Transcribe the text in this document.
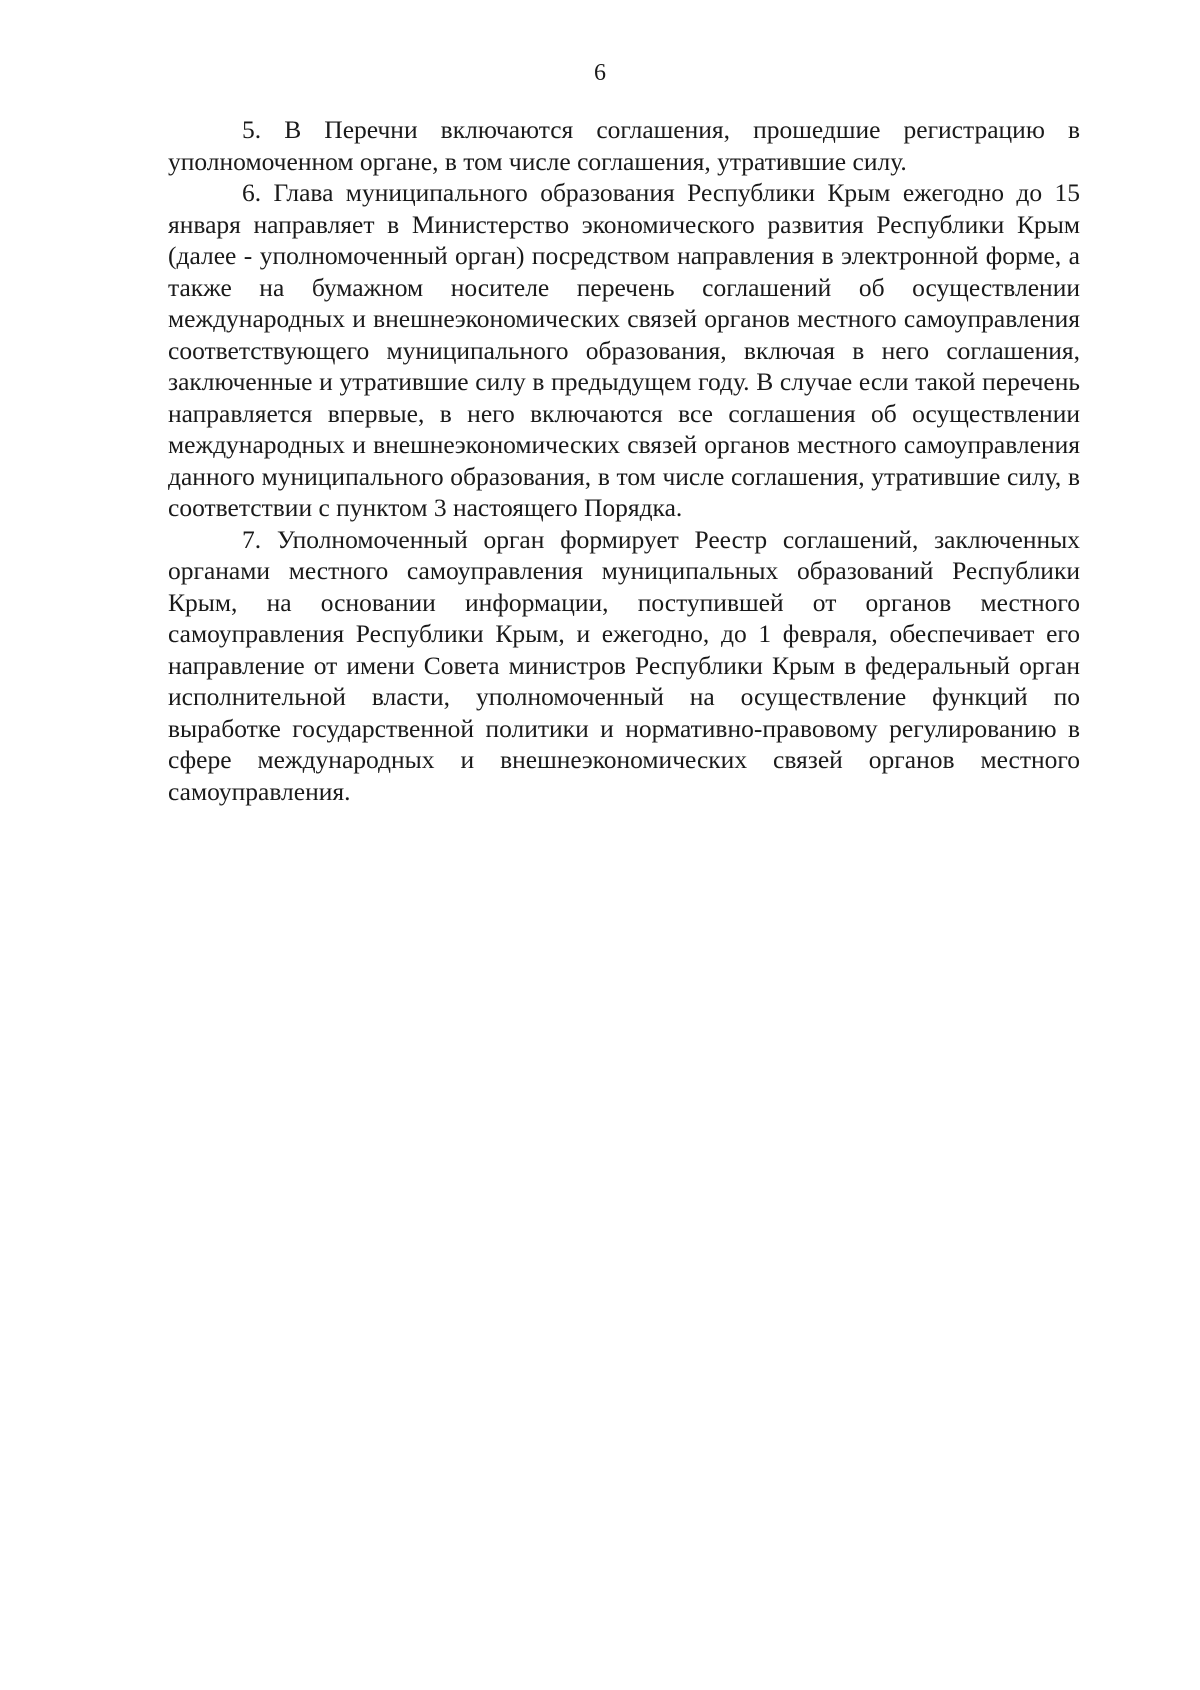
6

5. В Перечни включаются соглашения, прошедшие регистрацию в уполномоченном органе, в том числе соглашения, утратившие силу.

6. Глава муниципального образования Республики Крым ежегодно до 15 января направляет в Министерство экономического развития Республики Крым (далее - уполномоченный орган) посредством направления в электронной форме, а также на бумажном носителе перечень соглашений об осуществлении международных и внешнеэкономических связей органов местного самоуправления соответствующего муниципального образования, включая в него соглашения, заключенные и утратившие силу в предыдущем году. В случае если такой перечень направляется впервые, в него включаются все соглашения об осуществлении международных и внешнеэкономических связей органов местного самоуправления данного муниципального образования, в том числе соглашения, утратившие силу, в соответствии с пунктом 3 настоящего Порядка.

7. Уполномоченный орган формирует Реестр соглашений, заключенных органами местного самоуправления муниципальных образований Республики Крым, на основании информации, поступившей от органов местного самоуправления Республики Крым, и ежегодно, до 1 февраля, обеспечивает его направление от имени Совета министров Республики Крым в федеральный орган исполнительной власти, уполномоченный на осуществление функций по выработке государственной политики и нормативно-правовому регулированию в сфере международных и внешнеэкономических связей органов местного самоуправления.
